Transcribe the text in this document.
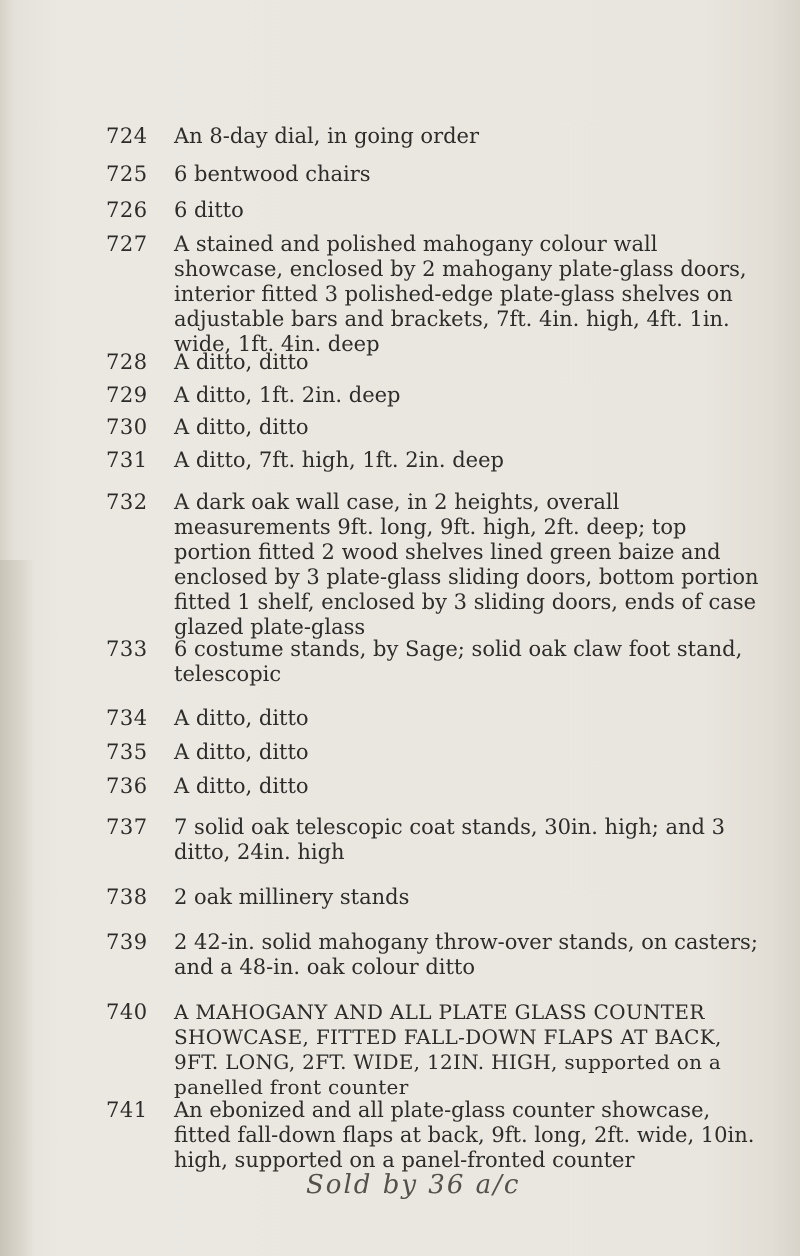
724	An 8-day dial, in going order
725	6 bentwood chairs
726	6 ditto
727	A stained and polished mahogany colour wall showcase, enclosed by 2 mahogany plate-glass doors, interior fitted 3 polished-edge plate-glass shelves on adjustable bars and brackets, 7ft. 4in. high, 4ft. 1in. wide, 1ft. 4in. deep
728	A ditto, ditto
729	A ditto, 1ft. 2in. deep
730	A ditto, ditto
731	A ditto, 7ft. high, 1ft. 2in. deep
732	A dark oak wall case, in 2 heights, overall measurements 9ft. long, 9ft. high, 2ft. deep; top portion fitted 2 wood shelves lined green baize and enclosed by 3 plate-glass sliding doors, bottom portion fitted 1 shelf, enclosed by 3 sliding doors, ends of case glazed plate-glass
733	6 costume stands, by Sage; solid oak claw foot stand, telescopic
734	A ditto, ditto
735	A ditto, ditto
736	A ditto, ditto
737	7 solid oak telescopic coat stands, 30in. high; and 3 ditto, 24in. high
738	2 oak millinery stands
739	2 42-in. solid mahogany throw-over stands, on casters; and a 48-in. oak colour ditto
740	A MAHOGANY AND ALL PLATE GLASS COUNTER SHOWCASE, FITTED FALL-DOWN FLAPS AT BACK, 9FT. LONG, 2FT. WIDE, 12IN. HIGH, supported on a panelled front counter
741	An ebonized and all plate-glass counter showcase, fitted fall-down flaps at back, 9ft. long, 2ft. wide, 10in. high, supported on a panel-fronted counter
Sold by 36 a/c
